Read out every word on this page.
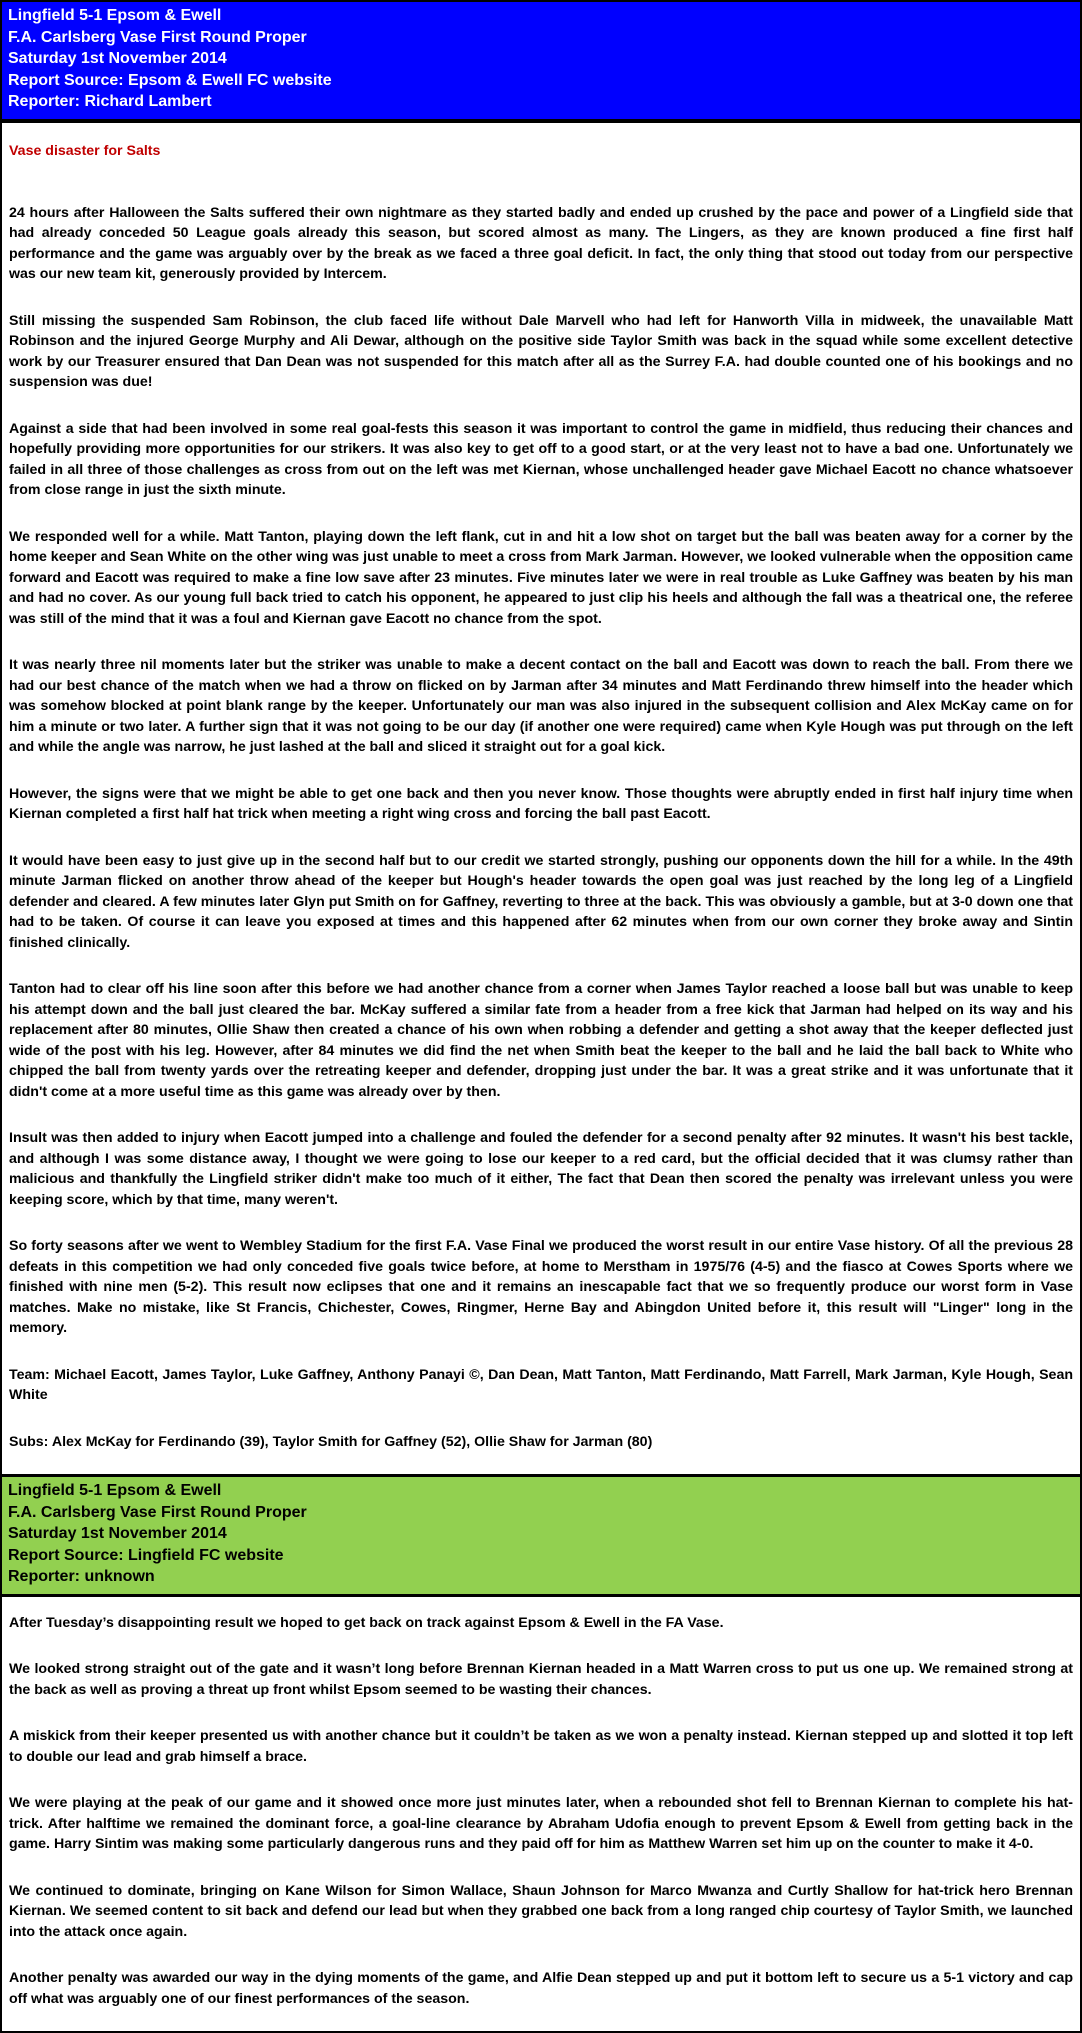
Lingfield 5-1 Epsom & Ewell
F.A. Carlsberg Vase First Round Proper
Saturday 1st November 2014
Report Source: Epsom & Ewell FC website
Reporter: Richard Lambert
Vase disaster for Salts

24 hours after Halloween the Salts suffered their own nightmare as they started badly and ended up crushed by the pace and power of a Lingfield side that had already conceded 50 League goals already this season, but scored almost as many. The Lingers, as they are known produced a fine first half performance and the game was arguably over by the break as we faced a three goal deficit. In fact, the only thing that stood out today from our perspective was our new team kit, generously provided by Intercem.

Still missing the suspended Sam Robinson, the club faced life without Dale Marvell who had left for Hanworth Villa in midweek, the unavailable Matt Robinson and the injured George Murphy and Ali Dewar, although on the positive side Taylor Smith was back in the squad while some excellent detective work by our Treasurer ensured that Dan Dean was not suspended for this match after all as the Surrey F.A. had double counted one of his bookings and no suspension was due!

Against a side that had been involved in some real goal-fests this season it was important to control the game in midfield, thus reducing their chances and hopefully providing more opportunities for our strikers. It was also key to get off to a good start, or at the very least not to have a bad one. Unfortunately we failed in all three of those challenges as cross from out on the left was met Kiernan, whose unchallenged header gave Michael Eacott no chance whatsoever from close range in just the sixth minute.

We responded well for a while. Matt Tanton, playing down the left flank, cut in and hit a low shot on target but the ball was beaten away for a corner by the home keeper and Sean White on the other wing was just unable to meet a cross from Mark Jarman. However, we looked vulnerable when the opposition came forward and Eacott was required to make a fine low save after 23 minutes. Five minutes later we were in real trouble as Luke Gaffney was beaten by his man and had no cover. As our young full back tried to catch his opponent, he appeared to just clip his heels and although the fall was a theatrical one, the referee was still of the mind that it was a foul and Kiernan gave Eacott no chance from the spot.

It was nearly three nil moments later but the striker was unable to make a decent contact on the ball and Eacott was down to reach the ball. From there we had our best chance of the match when we had a throw on flicked on by Jarman after 34 minutes and Matt Ferdinando threw himself into the header which was somehow blocked at point blank range by the keeper. Unfortunately our man was also injured in the subsequent collision and Alex McKay came on for him a minute or two later. A further sign that it was not going to be our day (if another one were required) came when Kyle Hough was put through on the left and while the angle was narrow, he just lashed at the ball and sliced it straight out for a goal kick.

However, the signs were that we might be able to get one back and then you never know. Those thoughts were abruptly ended in first half injury time when Kiernan completed a first half hat trick when meeting a right wing cross and forcing the ball past Eacott.

It would have been easy to just give up in the second half but to our credit we started strongly, pushing our opponents down the hill for a while. In the 49th minute Jarman flicked on another throw ahead of the keeper but Hough's header towards the open goal was just reached by the long leg of a Lingfield defender and cleared. A few minutes later Glyn put Smith on for Gaffney, reverting to three at the back. This was obviously a gamble, but at 3-0 down one that had to be taken. Of course it can leave you exposed at times and this happened after 62 minutes when from our own corner they broke away and Sintin finished clinically.

Tanton had to clear off his line soon after this before we had another chance from a corner when James Taylor reached a loose ball but was unable to keep his attempt down and the ball just cleared the bar. McKay suffered a similar fate from a header from a free kick that Jarman had helped on its way and his replacement after 80 minutes, Ollie Shaw then created a chance of his own when robbing a defender and getting a shot away that the keeper deflected just wide of the post with his leg. However, after 84 minutes we did find the net when Smith beat the keeper to the ball and he laid the ball back to White who chipped the ball from twenty yards over the retreating keeper and defender, dropping just under the bar. It was a great strike and it was unfortunate that it didn't come at a more useful time as this game was already over by then.

Insult was then added to injury when Eacott jumped into a challenge and fouled the defender for a second penalty after 92 minutes. It wasn't his best tackle, and although I was some distance away, I thought we were going to lose our keeper to a red card, but the official decided that it was clumsy rather than malicious and thankfully the Lingfield striker didn't make too much of it either, The fact that Dean then scored the penalty was irrelevant unless you were keeping score, which by that time, many weren't.

So forty seasons after we went to Wembley Stadium for the first F.A. Vase Final we produced the worst result in our entire Vase history. Of all the previous 28 defeats in this competition we had only conceded five goals twice before, at home to Merstham in 1975/76 (4-5) and the fiasco at Cowes Sports where we finished with nine men (5-2). This result now eclipses that one and it remains an inescapable fact that we so frequently produce our worst form in Vase matches. Make no mistake, like St Francis, Chichester, Cowes, Ringmer, Herne Bay and Abingdon United before it, this result will "Linger" long in the memory.

Team: Michael Eacott, James Taylor, Luke Gaffney, Anthony Panayi ©, Dan Dean, Matt Tanton, Matt Ferdinando, Matt Farrell, Mark Jarman, Kyle Hough, Sean White

Subs: Alex McKay for Ferdinando (39), Taylor Smith for Gaffney (52), Ollie Shaw for Jarman (80)

Lingfield 5-1 Epsom & Ewell
F.A. Carlsberg Vase First Round Proper
Saturday 1st November 2014
Report Source: Lingfield FC website
Reporter: unknown

After Tuesday’s disappointing result we hoped to get back on track against Epsom & Ewell in the FA Vase.

We looked strong straight out of the gate and it wasn’t long before Brennan Kiernan headed in a Matt Warren cross to put us one up. We remained strong at the back as well as proving a threat up front whilst Epsom seemed to be wasting their chances.

A miskick from their keeper presented us with another chance but it couldn’t be taken as we won a penalty instead. Kiernan stepped up and slotted it top left to double our lead and grab himself a brace.

We were playing at the peak of our game and it showed once more just minutes later, when a rebounded shot fell to Brennan Kiernan to complete his hat-trick. After halftime we remained the dominant force, a goal-line clearance by Abraham Udofia enough to prevent Epsom & Ewell from getting back in the game. Harry Sintim was making some particularly dangerous runs and they paid off for him as Matthew Warren set him up on the counter to make it 4-0.

We continued to dominate, bringing on Kane Wilson for Simon Wallace, Shaun Johnson for Marco Mwanza and Curtly Shallow for hat-trick hero Brennan Kiernan. We seemed content to sit back and defend our lead but when they grabbed one back from a long ranged chip courtesy of Taylor Smith, we launched into the attack once again.

Another penalty was awarded our way in the dying moments of the game, and Alfie Dean stepped up and put it bottom left to secure us a 5-1 victory and cap off what was arguably one of our finest performances of the season.
